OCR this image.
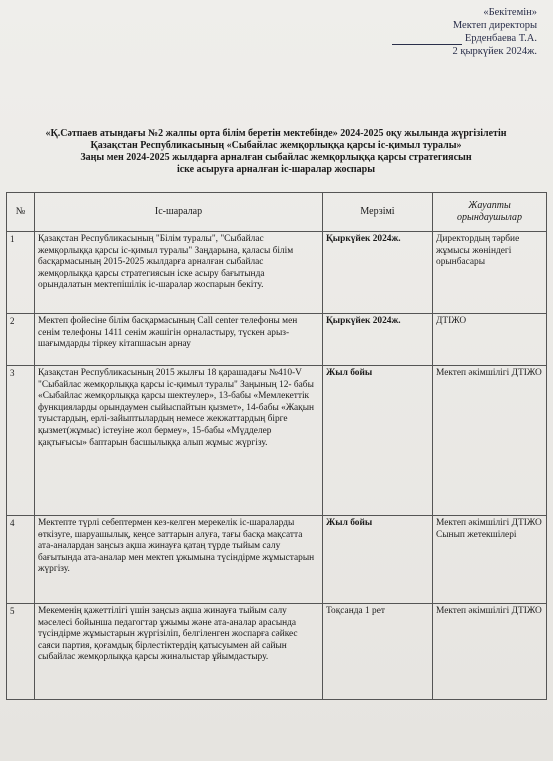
«Бекітемін»
Мектеп директоры
Ерденбаева Т.А.
2 қыркүйек 2024ж.
«Қ.Сәтпаев атындағы №2 жалпы орта білім беретін мектебінде» 2024-2025 оқу жылында жүргізілетін
Қазақстан Республикасының «Сыбайлас жемқорлыққа қарсы іс-қимыл туралы»
Заңы мен 2024-2025 жылдарға арналған сыбайлас жемқорлыққа қарсы стратегиясын
іске асыруға арналған іс-шаралар жоспары
№	Іс-шаралар	Мерзімі	Жауапты орындаушылар
1	Қазақстан Республикасының "Білім туралы", "Сыбайлас жемқорлыққа қарсы іс-қимыл туралы" Заңдарына, қаласы білім басқармасының 2015-2025 жылдарға арналған сыбайлас жемқорлыққа қарсы стратегиясын іске асыру бағытында орындалатын мектепішілік іс-шаралар жоспарын бекіту.	Қыркүйек 2024ж.	Директордың тәрбие жұмысы жөніндегі орынбасары
2	Мектеп фойесіне білім басқармасының Call center телефоны мен сенім телефоны 1411 сенім жәшігін орналастыру, түскен арыз-шағымдарды тіркеу кітапшасын арнау	Қыркүйек 2024ж.	ДТІЖО
3	Қазақстан Республикасының 2015 жылғы 18 қарашадағы №410-V "Сыбайлас жемқорлыққа қарсы іс-қимыл туралы" Заңының 12- бабы «Сыбайлас жемқорлыққа қарсы шектеулер», 13-бабы «Мемлекеттік функцияларды орындаумен сыйыспайтын қызмет», 14-бабы «Жақын туыстардың, ерлі-зайыптылардың немесе жекжаттардың бірге қызмет(жұмыс) істеуіне жол бермеу», 15-бабы «Мүдделер қақтығысы» баптарын басшылыққа алып жұмыс жүргізу.	Жыл бойы	Мектеп әкімшілігі ДТІЖО
4	Мектепте түрлі себептермен кез-келген мерекелік іс-шараларды өткізуге, шаруашылық, кеңсе заттарын алуға, тағы басқа мақсатта ата-аналардан заңсыз ақша жинауға қатаң түрде тыйым салу бағытында ата-аналар мен мектеп ұжымына түсіндірме жұмыстарын жүргізу.	Жыл бойы	Мектеп әкімшілігі ДТІЖО Сынып жетекшілері
5	Мекеменің қажеттілігі үшін заңсыз ақша жинауға тыйым салу мәселесі бойынша педагогтар ұжымы және ата-аналар арасында түсіндірме жұмыстарын жүргізіліп, белгіленген жоспарға сәйкес саяси партия, қоғамдық бірлестіктердің қатысуымен ай сайын сыбайлас жемқорлыққа қарсы жиналыстар ұйымдастыру.	Тоқсанда 1 рет	Мектеп әкімшілігі ДТІЖО
